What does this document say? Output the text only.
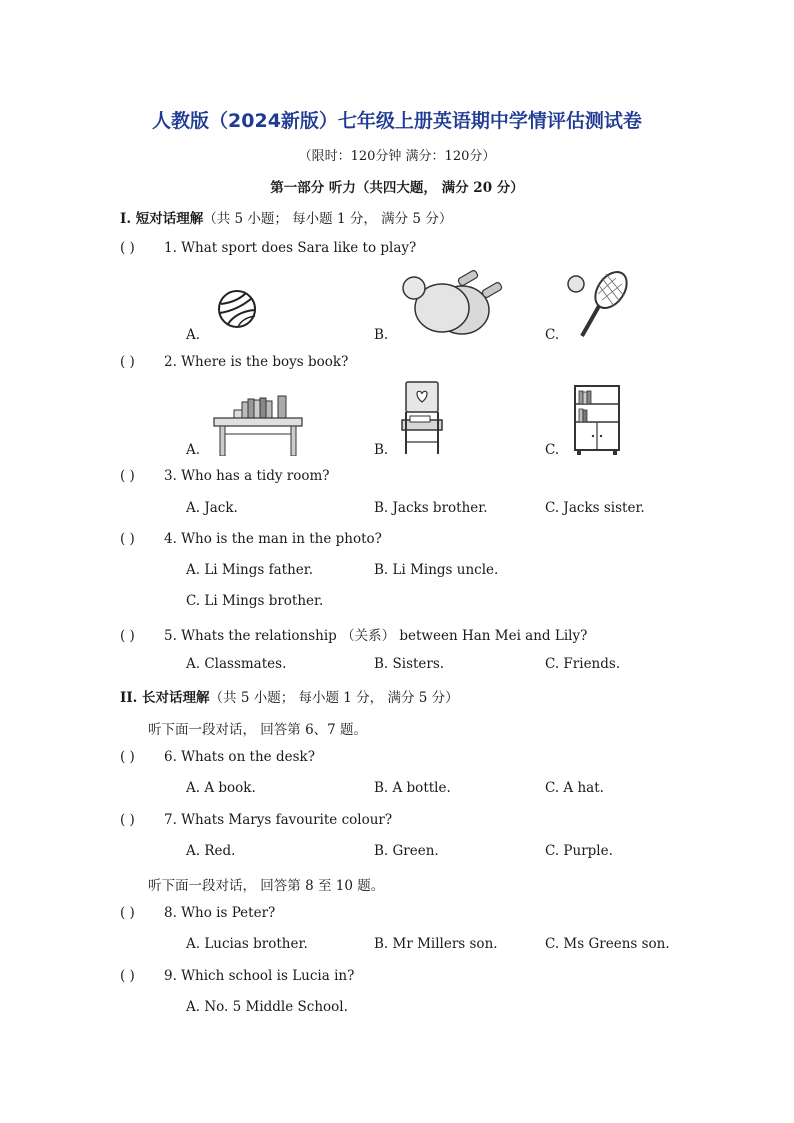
人教版（2024新版）七年级上册英语期中学情评估测试卷
（限时：120分钟 满分：120分）
第一部分 听力（共四大题， 满分 20 分）
I. 短对话理解（共 5 小题； 每小题 1 分， 满分 5 分）
( ) 1. What sport does Sara like to play?
A.	B.	C.
( ) 2. Where is the boys book?
A.	B.	C.
( ) 3. Who has a tidy room?
A. Jack.	B. Jacks brother.	C. Jacks sister.
( ) 4. Who is the man in the photo?
A. Li Mings father.	B. Li Mings uncle.
C. Li Mings brother.
( ) 5. Whats the relationship （关系） between Han Mei and Lily?
A. Classmates.	B. Sisters.	C. Friends.
II. 长对话理解（共 5 小题； 每小题 1 分， 满分 5 分）
听下面一段对话， 回答第 6、7 题。
( ) 6. Whats on the desk?
A. A book.	B. A bottle.	C. A hat.
( ) 7. Whats Marys favourite colour?
A. Red.	B. Green.	C. Purple.
听下面一段对话， 回答第 8 至 10 题。
( ) 8. Who is Peter?
A. Lucias brother.	B. Mr Millers son.	C. Ms Greens son.
( ) 9. Which school is Lucia in?
A. No. 5 Middle School.
